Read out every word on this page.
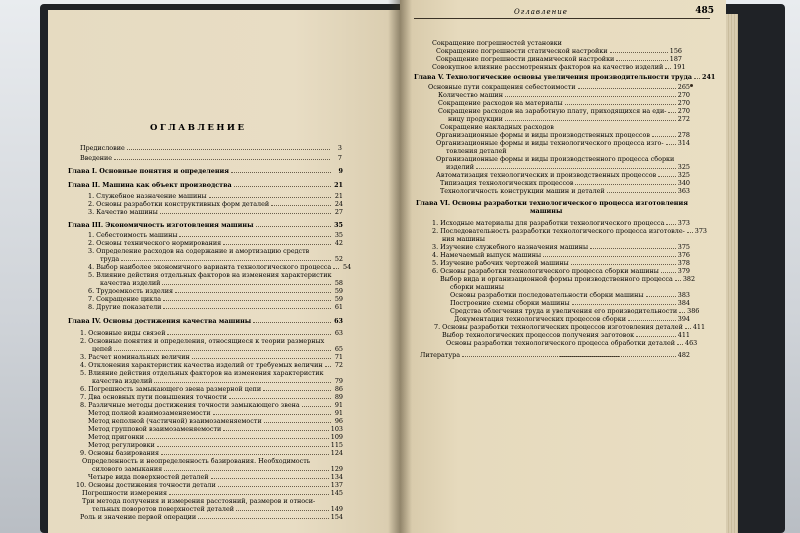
ОГЛАВЛЕНИЕ
Оглавление	485
Предисловие	3
Введение	7
Глава I. Основные понятия и определения	9
Глава II. Машина как объект производства	21
1. Служебное назначение машины	21
2. Основы разработки конструктивных форм деталей	24
3. Качество машины	27
Глава III. Экономичность изготовления машины	35
1. Себестоимость машины	35
2. Основы технического нормирования	42
3. Определение расходов на содержание и амортизацию средств
труда	52
4. Выбор наиболее экономичного варианта технологического процесса 54
5. Влияние действия отдельных факторов на изменения характеристик
качества изделий	58
6. Трудоемкость изделия	59
7. Сокращение цикла	59
8. Другие показатели	61
Глава IV. Основы достижения качества машины	63
1. Основные виды связей	63
2. Основные понятия и определения, относящиеся к теории размерных
цепей	65
3. Расчет номинальных величин	71
4. Отклонения характеристик качества изделий от требуемых величин 72
5. Влияние действия отдельных факторов на изменения характеристик
качества изделий	79
6. Погрешность замыкающего звена размерной цепи	86
7. Два основных пути повышения точности	89
8. Различные методы достижения точности замыкающего звена	91
Метод полной взаимозаменяемости	91
Метод неполной (частичной) взаимозаменяемости	96
Метод групповой взаимозаменяемости	103
Метод пригонки	109
Метод регулировки	115
9. Основы базирования	124
Определенность и неопределенность базирования. Необходимость
силового замыкания	129
Четыре вида поверхностей деталей	134
10. Основы достижения точности детали	137
Погрешности измерения	145
Три метода получения и измерения расстояний, размеров и относи-
тельных поворотов поверхностей деталей	149
Роль и значение первой операции	154
Сокращение погрешностей установки
Сокращение погрешности статической настройки	156
Сокращение погрешности динамической настройки	187
Совокупное влияние рассмотренных факторов на качество изделий 191
Глава V. Технологические основы увеличения производительности труда 241
Основные пути сокращения себестоимости	265
Количество машин	270
Сокращение расходов на материалы	270
Сокращение расходов на заработную плату, приходящихся на еди- 270
ницу продукции	272
Сокращение накладных расходов
Организационные формы и виды производственных процессов	278
Организационные формы и виды технологического процесса изго- 314
товления деталей
Организационные формы и виды производственного процесса сборки
изделий	325
Автоматизация технологических и производственных процессов	325
Типизация технологических процессов	340
Технологичность конструкции машин и деталей	363
Глава VI. Основы разработки технологического процесса изготовления
машины
1. Исходные материалы для разработки технологического процесса 373
2. Последовательность разработки технологического процесса изготовле- 373
ния машины
3. Изучение служебного назначения машины	375
4. Намечаемый выпуск машины	376
5. Изучение рабочих чертежей машины	378
6. Основы разработки технологического процесса сборки машины	379
Выбор вида и организационной формы производственного процесса 382
сборки машины
Основы разработки последовательности сборки машины	383
Построение схемы сборки машины	384
Средства облегчения труда и увеличения его производительности 386
Документация технологических процессов сборки	394
7. Основы разработки технологических процессов изготовления деталей 411
Выбор технологических процессов получения заготовок	411
Основы разработки технологического процесса обработки деталей 463
Литература	482
